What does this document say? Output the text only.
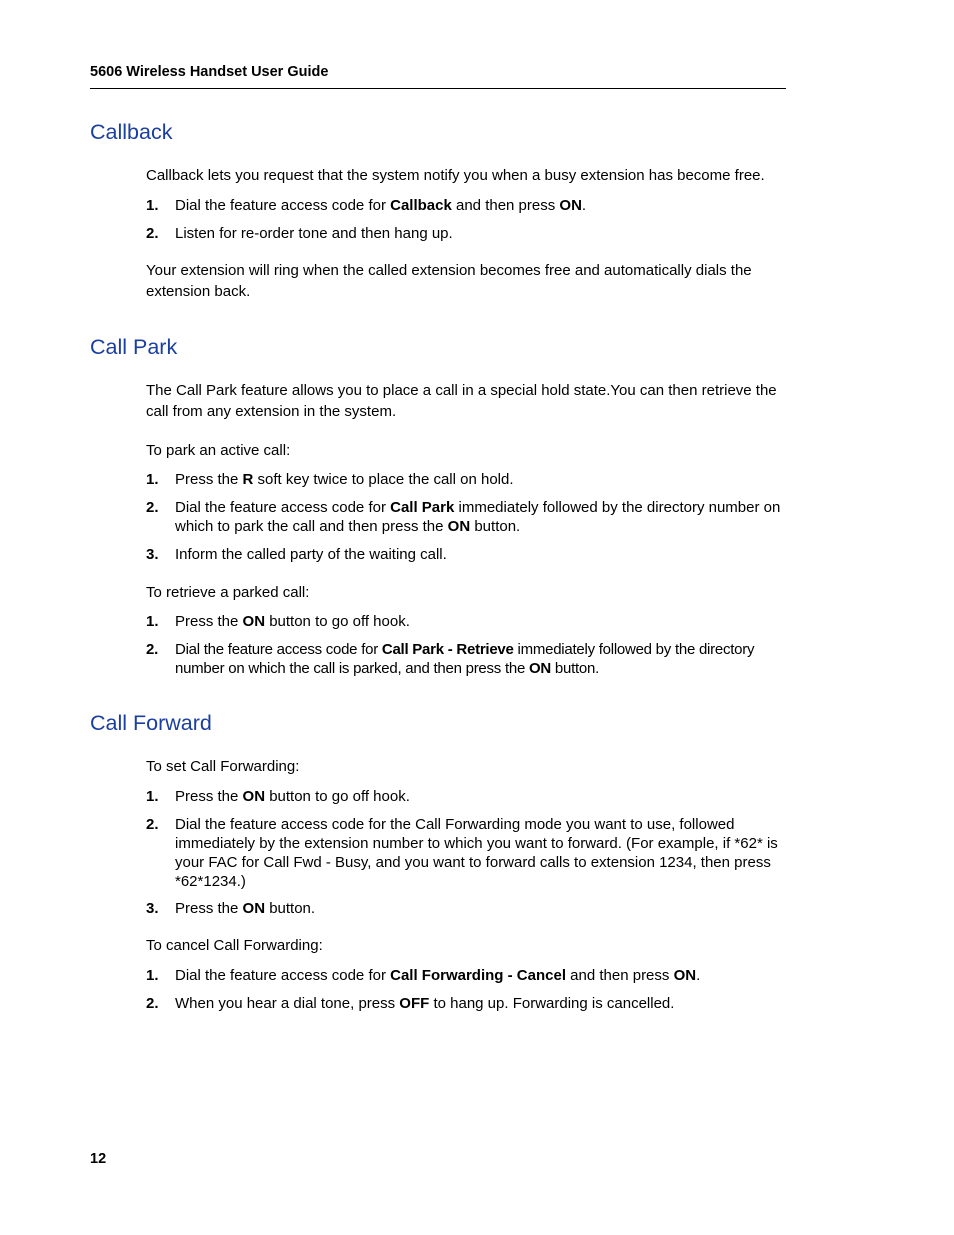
5606 Wireless Handset User Guide
Callback

Callback lets you request that the system notify you when a busy extension has become free.

1.	Dial the feature access code for Callback and then press ON.
2.	Listen for re-order tone and then hang up.

Your extension will ring when the called extension becomes free and automatically dials the extension back.

Call Park

The Call Park feature allows you to place a call in a special hold state.You can then retrieve the call from any extension in the system.

To park an active call:

1.	Press the R soft key twice to place the call on hold.
2.	Dial the feature access code for Call Park immediately followed by the directory number on which to park the call and then press the ON button.
3.	Inform the called party of the waiting call.

To retrieve a parked call:

1.	Press the ON button to go off hook.
2.	Dial the feature access code for Call Park - Retrieve immediately followed by the directory number on which the call is parked, and then press the ON button.
Call Forward

To set Call Forwarding:

1.	Press the ON button to go off hook.
2.	Dial the feature access code for the Call Forwarding mode you want to use, followed immediately by the extension number to which you want to forward. (For example, if *62* is your FAC for Call Fwd - Busy, and you want to forward calls to extension 1234, then press *62*1234.)
3.	Press the ON button.

To cancel Call Forwarding:

1.	Dial the feature access code for Call Forwarding - Cancel and then press ON.
2.	When you hear a dial tone, press OFF to hang up. Forwarding is cancelled.
12
